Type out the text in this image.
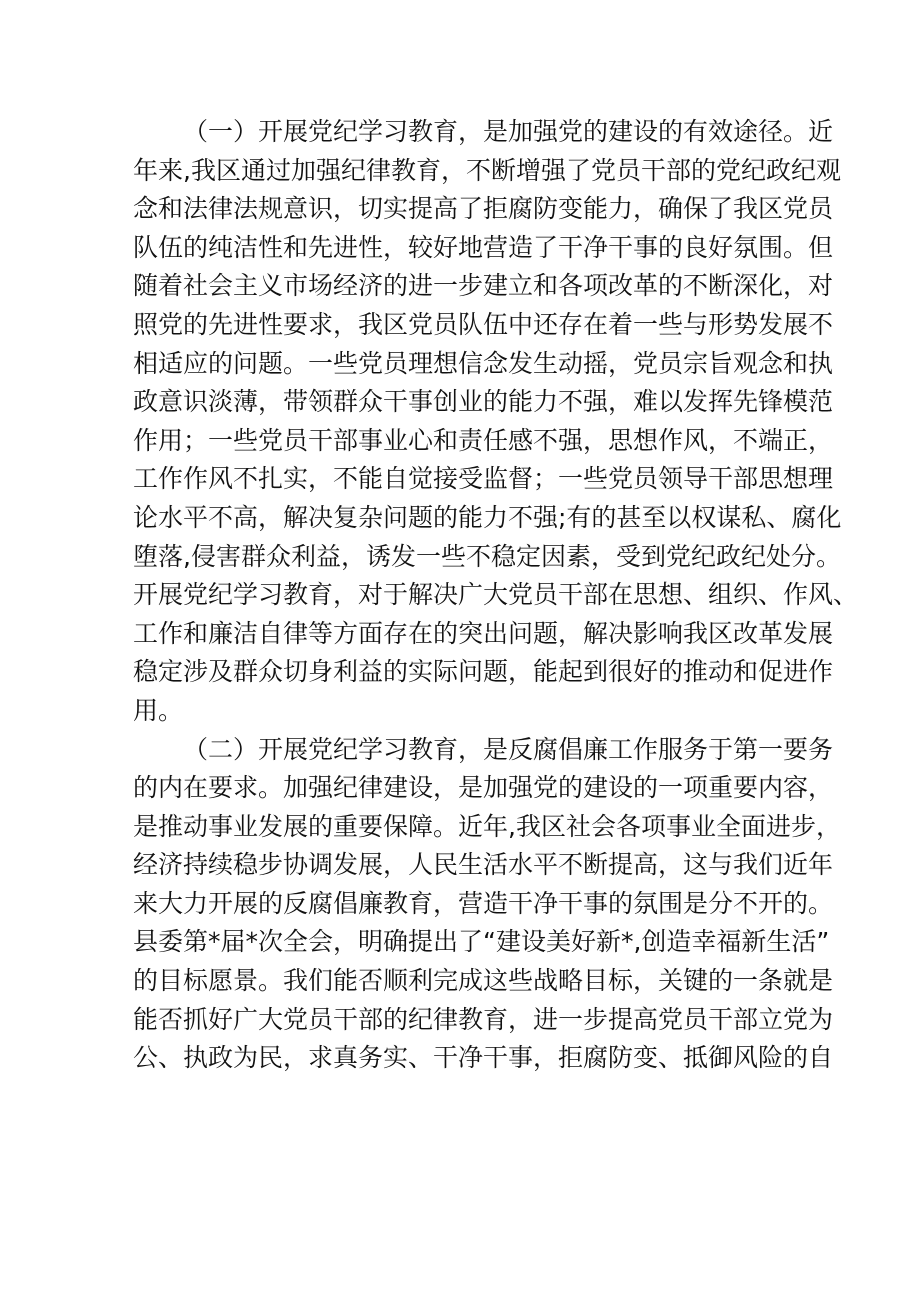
（一）开展党纪学习教育，是加强党的建设的有效途径。近
年来,我区通过加强纪律教育，不断增强了党员干部的党纪政纪观
念和法律法规意识，切实提高了拒腐防变能力，确保了我区党员
队伍的纯洁性和先进性，较好地营造了干净干事的良好氛围。但
随着社会主义市场经济的进一步建立和各项改革的不断深化，对
照党的先进性要求，我区党员队伍中还存在着一些与形势发展不
相适应的问题。一些党员理想信念发生动摇，党员宗旨观念和执
政意识淡薄，带领群众干事创业的能力不强，难以发挥先锋模范
作用；一些党员干部事业心和责任感不强，思想作风，不端正，
工作作风不扎实，不能自觉接受监督；一些党员领导干部思想理
论水平不高，解决复杂问题的能力不强;有的甚至以权谋私、腐化
堕落,侵害群众利益，诱发一些不稳定因素，受到党纪政纪处分。
开展党纪学习教育，对于解决广大党员干部在思想、组织、作风、
工作和廉洁自律等方面存在的突出问题，解决影响我区改革发展
稳定涉及群众切身利益的实际问题，能起到很好的推动和促进作
用。
（二）开展党纪学习教育，是反腐倡廉工作服务于第一要务
的内在要求。加强纪律建设，是加强党的建设的一项重要内容，
是推动事业发展的重要保障。近年,我区社会各项事业全面进步，
经济持续稳步协调发展，人民生活水平不断提高，这与我们近年
来大力开展的反腐倡廉教育，营造干净干事的氛围是分不开的。
县委第*届*次全会，明确提出了“建设美好新*,创造幸福新生活”
的目标愿景。我们能否顺利完成这些战略目标，关键的一条就是
能否抓好广大党员干部的纪律教育，进一步提高党员干部立党为
公、执政为民，求真务实、干净干事，拒腐防变、抵御风险的自
